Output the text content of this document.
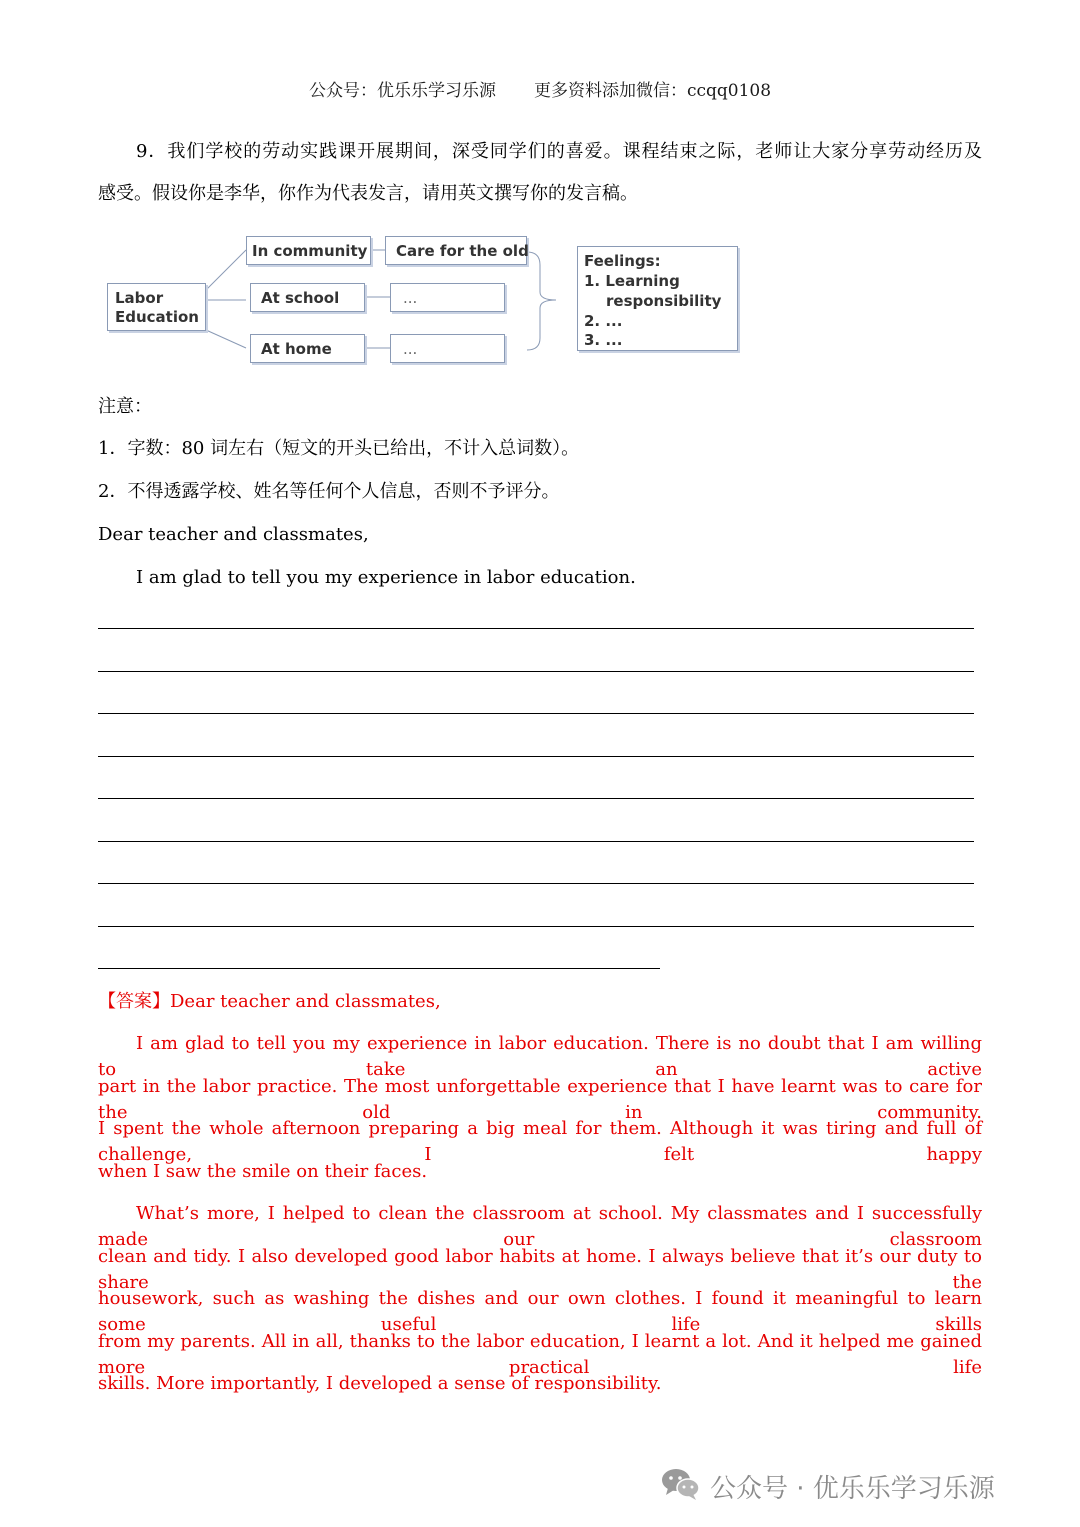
公众号：优乐乐学习乐源 更多资料添加微信：ccqq0108
9．我们学校的劳动实践课开展期间，深受同学们的喜爱。课程结束之际，老师让大家分享劳动经历及
感受。假设你是李华，你作为代表发言，请用英文撰写你的发言稿。
Labor
Education
In community Care for the old
At school	...
At home	...
Feelings:
1. Learning
responsibility
2. ...
3. ...
注意：
1．字数：80 词左右（短文的开头已给出，不计入总词数）。
2．不得透露学校、姓名等任何个人信息，否则不予评分。
Dear teacher and classmates,
I am glad to tell you my experience in labor education.
【答案】Dear teacher and classmates,
I am glad to tell you my experience in labor education. There is no doubt that I am willing to take an active
part in the labor practice. The most unforgettable experience that I have learnt was to care for the old in community.
I spent the whole afternoon preparing a big meal for them. Although it was tiring and full of challenge, I felt happy
when I saw the smile on their faces.
What’s more, I helped to clean the classroom at school. My classmates and I successfully made our classroom
clean and tidy. I also developed good labor habits at home. I always believe that it’s our duty to share the
housework, such as washing the dishes and our own clothes. I found it meaningful to learn some useful life skills
from my parents. All in all, thanks to the labor education, I learnt a lot. And it helped me gained more practical life
skills. More importantly, I developed a sense of responsibility.
公众号 · 优乐乐学习乐源
